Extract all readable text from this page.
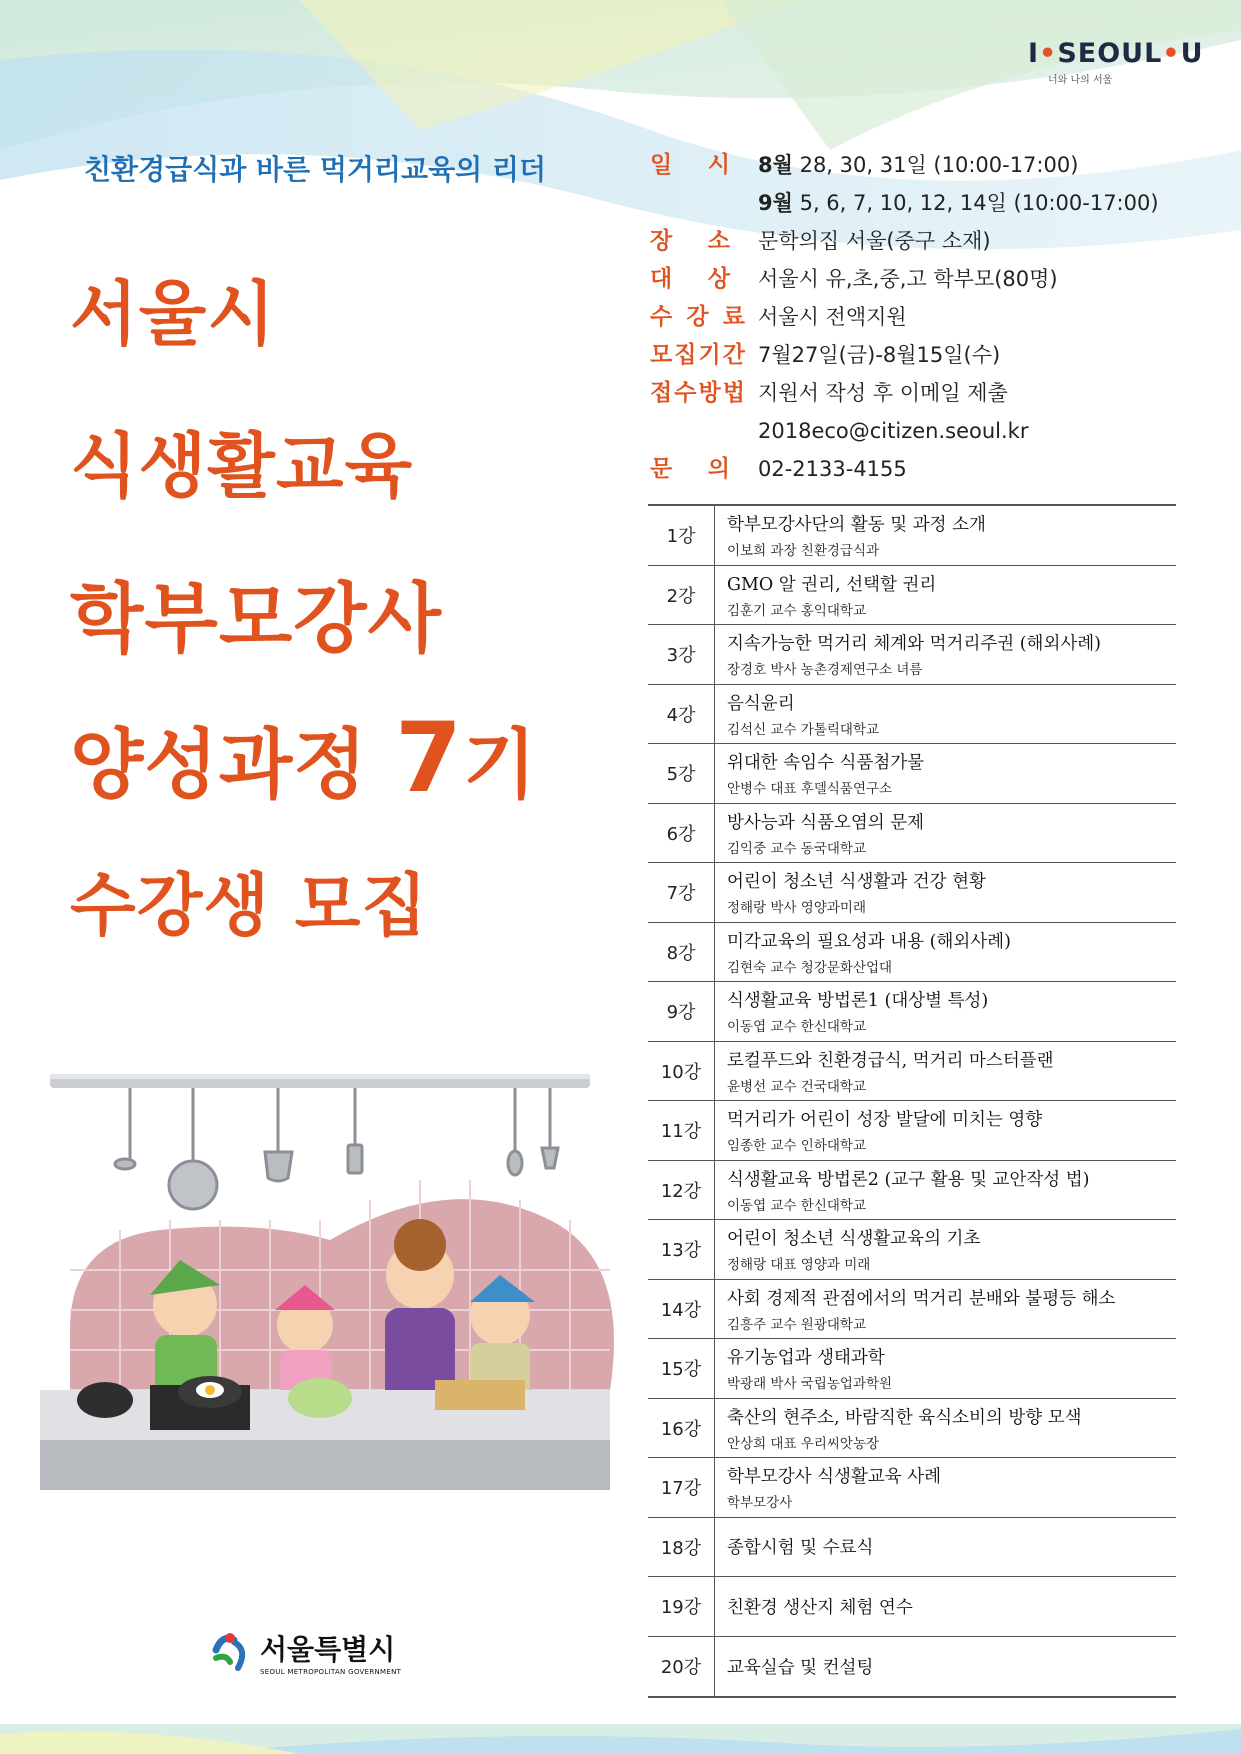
I•SEOUL•U
너와 나의 서울
친환경급식과 바른 먹거리교육의 리더
서울시
식생활교육
학부모강사
양성과정 7기
수강생 모집
일 시 8월 28, 30, 31일 (10:00-17:00)
9월 5, 6, 7, 10, 12, 14일 (10:00-17:00)
장 소 문학의집 서울(중구 소재)
대 상 서울시 유,초,중,고 학부모(80명)
수 강 료 서울시 전액지원
모 집 기 간 7월27일(금)-8월15일(수)
접 수 방 법 지원서 작성 후 이메일 제출
2018eco@citizen.seoul.kr
문 의 02-2133-4155
1강
학부모강사단의 활동 및 과정 소개
이보희 과장 친환경급식과
2강
GMO 알 권리, 선택할 권리
김훈기 교수 홍익대학교
3강
지속가능한 먹거리 체계와 먹거리주권 (해외사례)
장경호 박사 농촌경제연구소 녀름
4강
음식윤리
김석신 교수 가톨릭대학교
5강
위대한 속임수 식품첨가물
안병수 대표 후델식품연구소
6강
방사능과 식품오염의 문제
김익중 교수 동국대학교
7강
어린이 청소년 식생활과 건강 현황
정해랑 박사 영양과미래
8강
미각교육의 필요성과 내용 (해외사례)
김현숙 교수 청강문화산업대
9강
식생활교육 방법론1 (대상별 특성)
이동엽 교수 한신대학교
10강
로컬푸드와 친환경급식, 먹거리 마스터플랜
윤병선 교수 건국대학교
11강
먹거리가 어린이 성장 발달에 미치는 영향
임종한 교수 인하대학교
12강
식생활교육 방법론2 (교구 활용 및 교안작성 법)
이동엽 교수 한신대학교
13강
어린이 청소년 식생활교육의 기초
정해랑 대표 영양과 미래
14강
사회 경제적 관점에서의 먹거리 분배와 불평등 해소
김흥주 교수 원광대학교
15강
유기농업과 생태과학
박광래 박사 국립농업과학원
16강
축산의 현주소, 바람직한 육식소비의 방향 모색
안상희 대표 우리씨앗농장
17강
학부모강사 식생활교육 사례
학부모강사
18강	종합시험 및 수료식
19강	친환경 생산지 체험 연수
20강	교육실습 및 컨설팅
서울특별시
SEOUL METROPOLITAN GOVERNMENT
